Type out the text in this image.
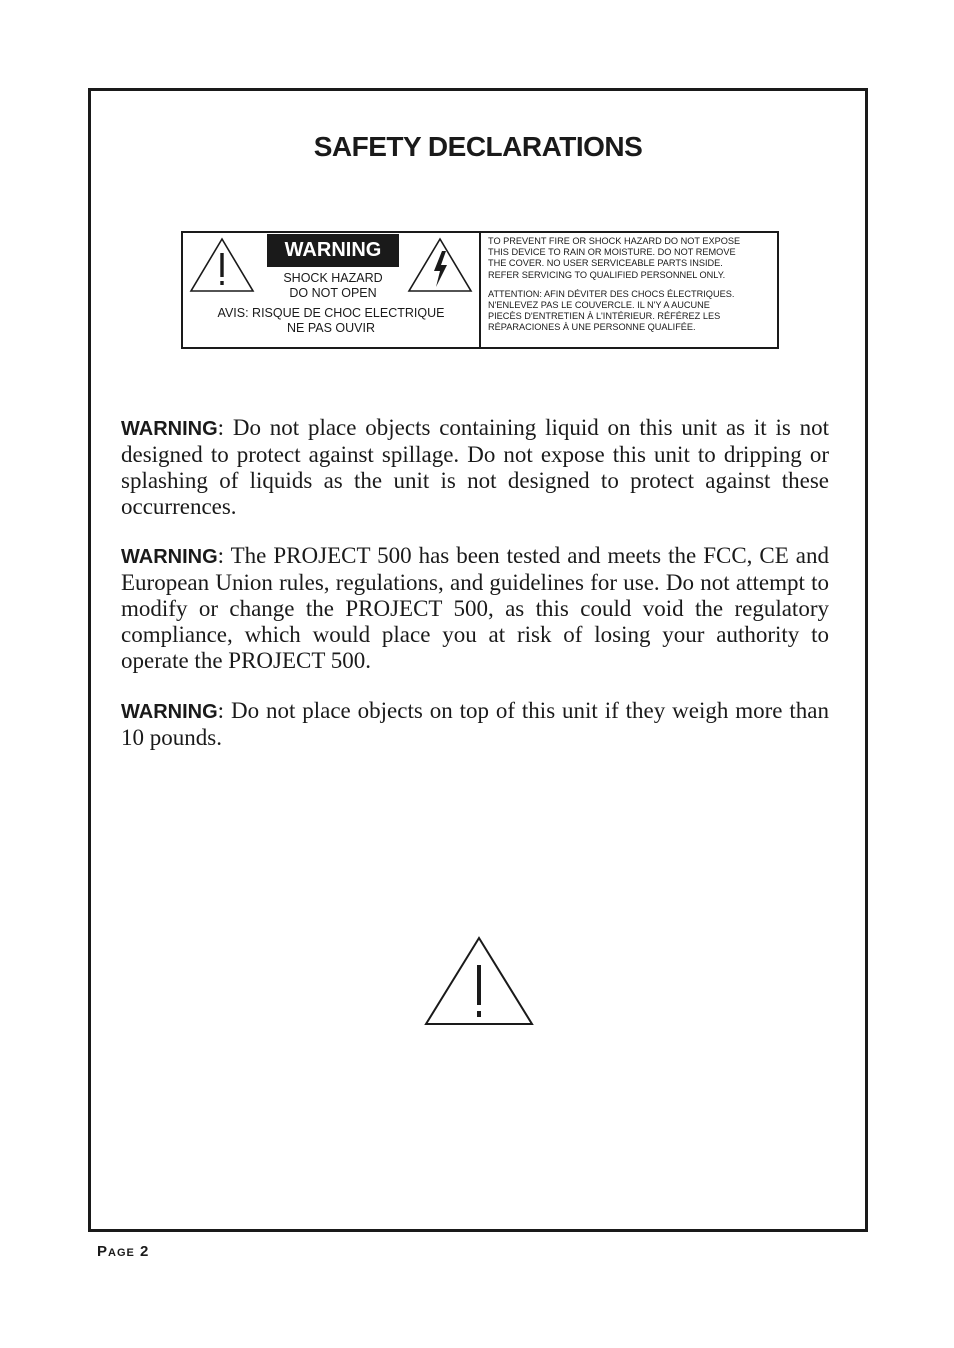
SAFETY DECLARATIONS
WARNING
SHOCK HAZARD
DO NOT OPEN
AVIS: RISQUE DE CHOC ELECTRIQUE
NE PAS OUVIR
TO PREVENT FIRE OR SHOCK HAZARD DO NOT EXPOSE
THIS DEVICE TO RAIN OR MOISTURE. DO NOT REMOVE
THE COVER. NO USER SERVICEABLE PARTS INSIDE.
REFER SERVICING TO QUALIFIED PERSONNEL ONLY.
ATTENTION: AFIN DÉVITER DES CHOCS ÉLECTRIQUES.
N'ENLEVEZ PAS LE COUVERCLE. IL N'Y A AUCUNE
PIECÈS D'ENTRETIEN À L'INTÉRIEUR. RÉFÉREZ LES
RÉPARACIONES À UNE PERSONNE QUALIFÉE.

WARNING: Do not place objects containing liquid on this unit as it is not designed to protect against spillage. Do not expose this unit to dripping or splashing of liquids as the unit is not designed to protect against these occurrences.

WARNING: The PROJECT 500 has been tested and meets the FCC, CE and European Union rules, regulations, and guidelines for use. Do not attempt to modify or change the PROJECT 500, as this could void the regulatory compliance, which would place you at risk of losing your authority to operate the PROJECT 500.

WARNING: Do not place objects on top of this unit if they weigh more than 10 pounds.

Page 2
